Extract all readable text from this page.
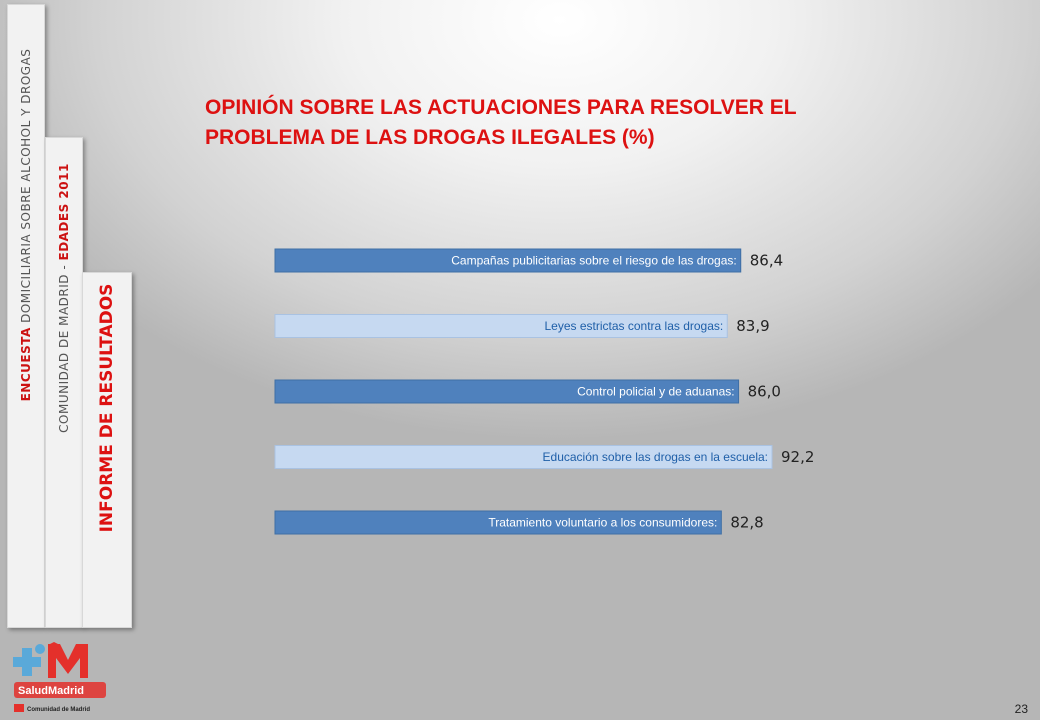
ENCUESTA DOMICILIARIA SOBRE ALCOHOL Y DROGAS
COMUNIDAD DE MADRID - EDADES 2011
INFORME DE RESULTADOS
OPINIÓN SOBRE LAS ACTUACIONES PARA RESOLVER EL PROBLEMA DE LAS DROGAS ILEGALES (%)
Campañas publicitarias sobre el riesgo de las drogas: 86,4
Leyes estrictas contra las drogas: 83,9
Control policial y de aduanas: 86,0
Educación sobre las drogas en la escuela: 92,2
Tratamiento voluntario a los consumidores: 82,8
SaludMadrid
Comunidad de Madrid	23
